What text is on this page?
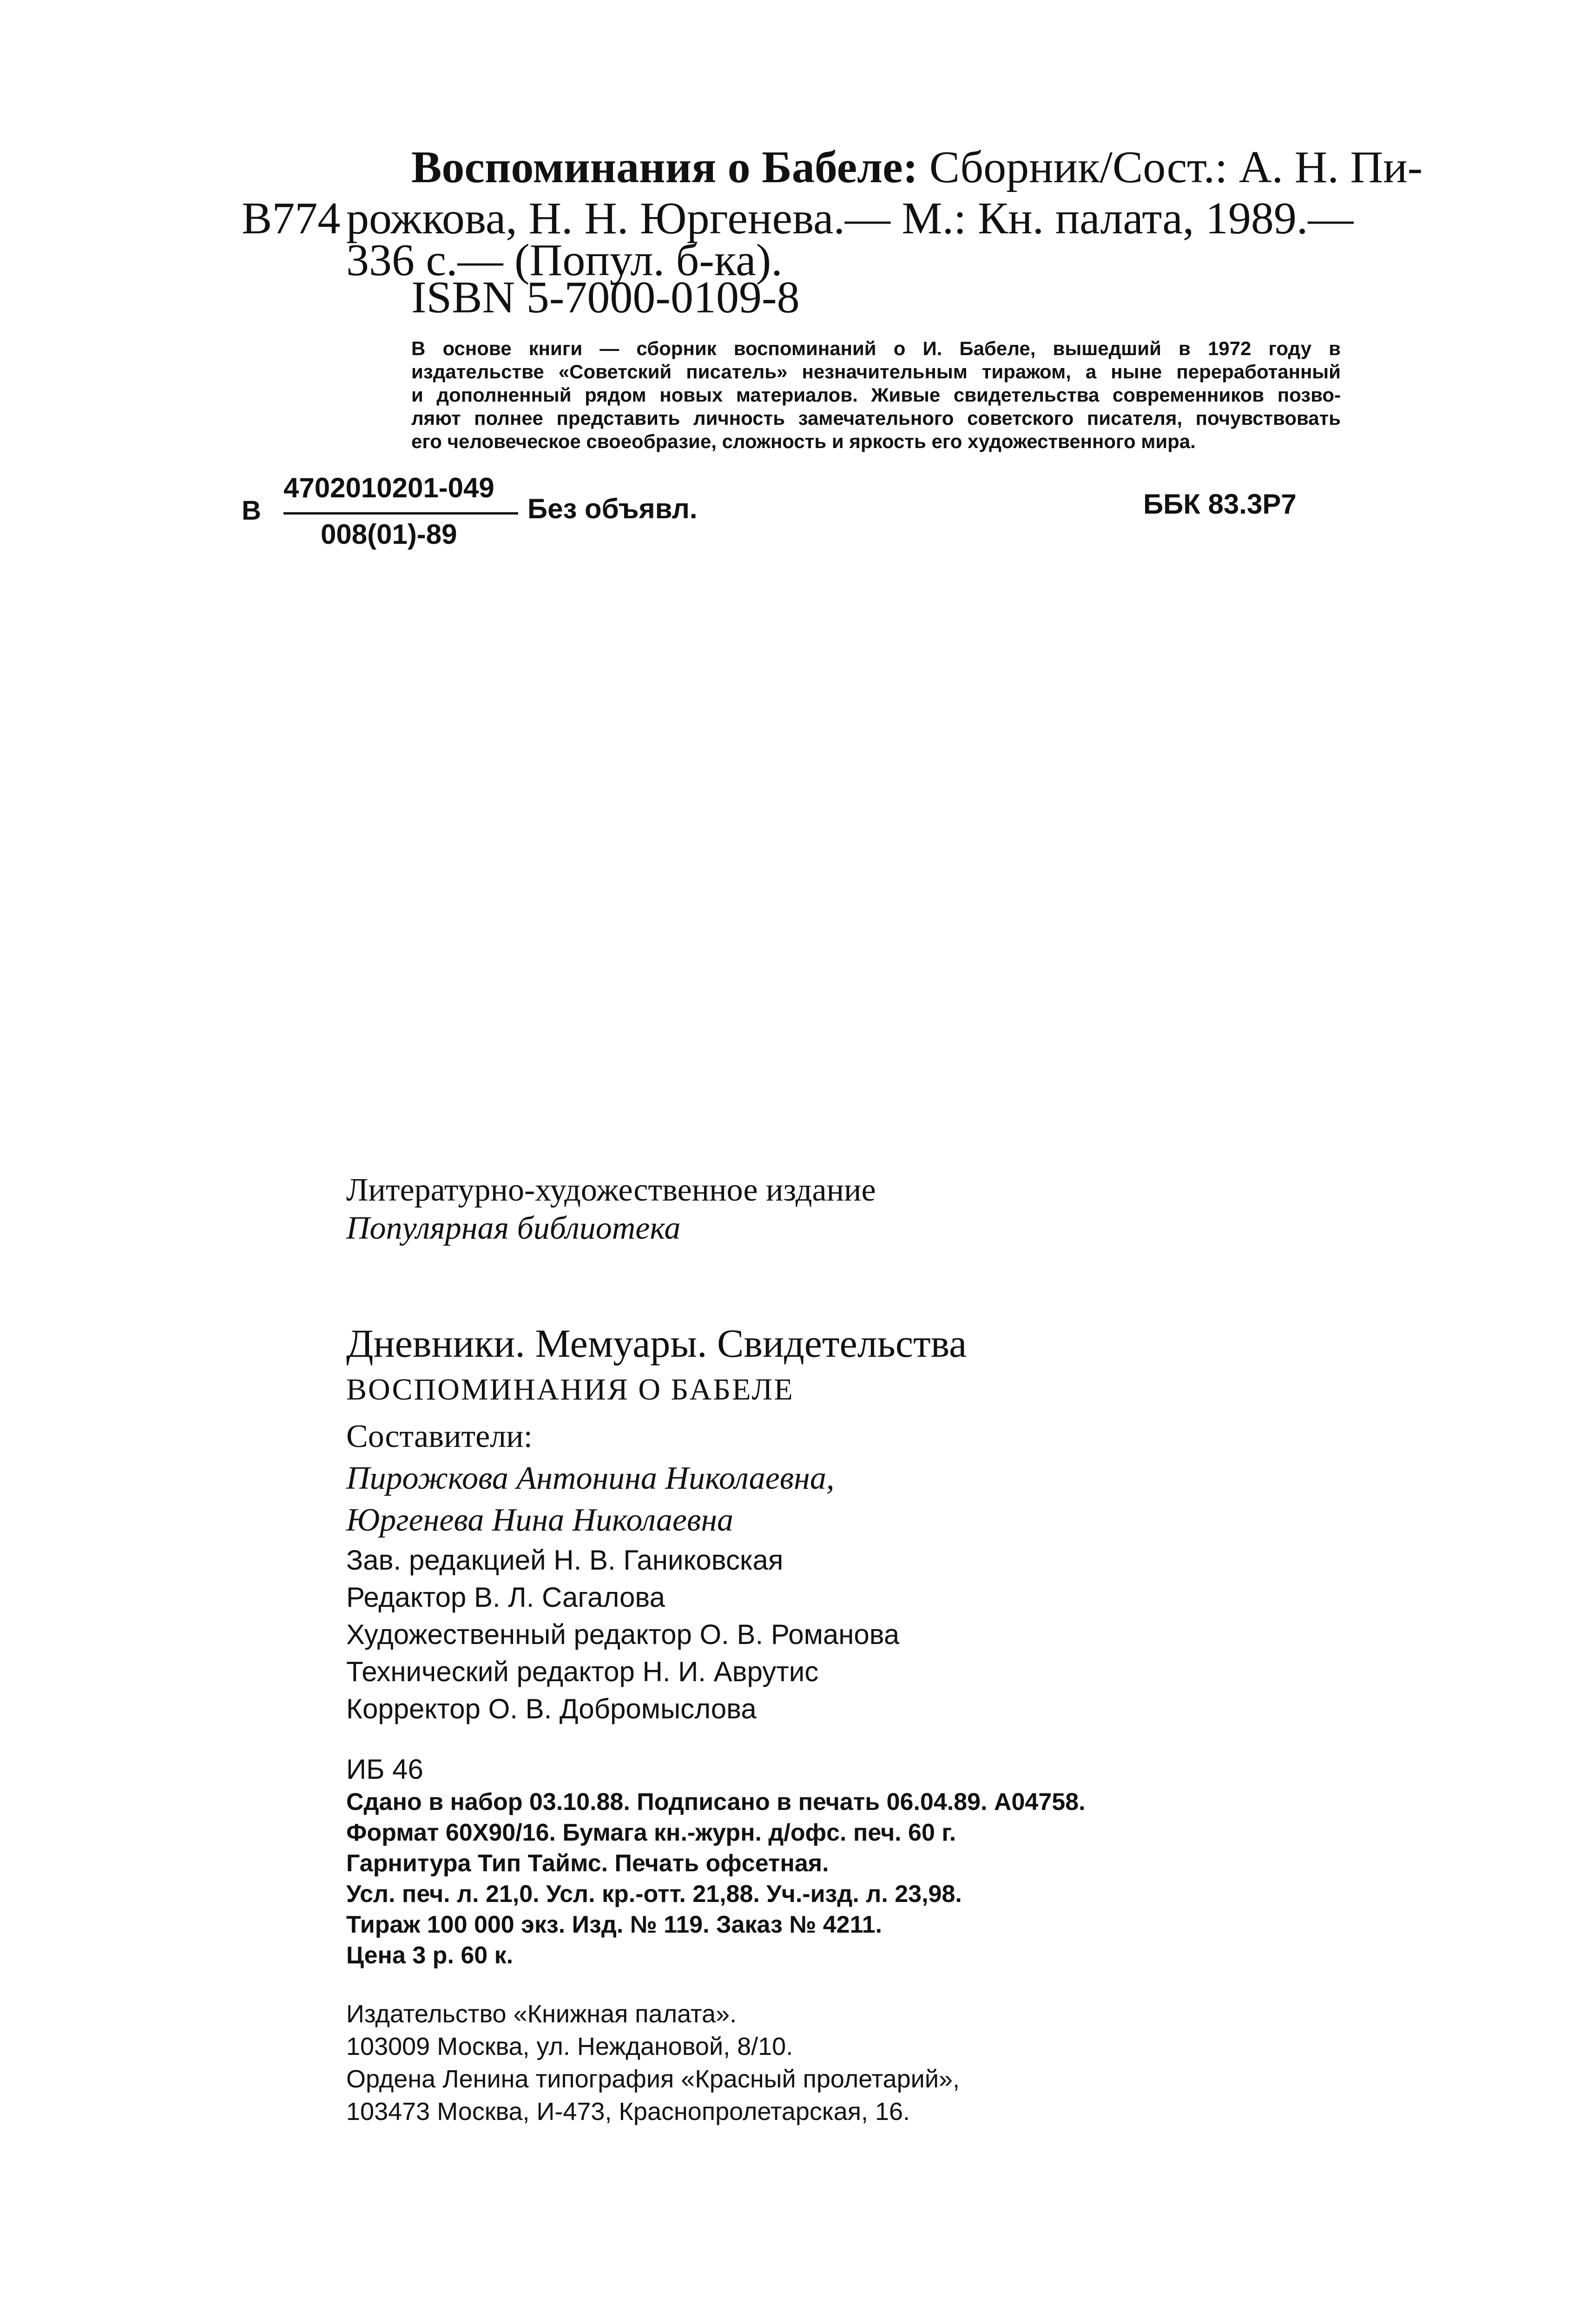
Воспоминания о Бабеле: Сборник/Сост.: А. Н. Пи-
В774 рожкова, Н. Н. Юргенева.— М.: Кн. палата, 1989.—
336 с.— (Попул. б-ка).
ISBN 5-7000-0109-8
В основе книги — сборник воспоминаний о И. Бабеле, вышедший в 1972 году в
издательстве «Советский писатель» незначительным тиражом, а ныне переработанный
и дополненный рядом новых материалов. Живые свидетельства современников позво-
ляют полнее представить личность замечательного советского писателя, почувствовать
его человеческое своеобразие, сложность и яркость его художественного мира.
В
4702010201-049
008(01)-89
Без объявл.	ББК 83.3Р7
Литературно-художественное издание
Популярная библиотека
Дневники. Мемуары. Свидетельства
ВОСПОМИНАНИЯ О БАБЕЛЕ
Составители:
Пирожкова Антонина Николаевна,
Юргенева Нина Николаевна
Зав. редакцией Н. В. Ганиковская
Редактор В. Л. Сагалова
Художественный редактор О. В. Романова
Технический редактор Н. И. Аврутис
Корректор О. В. Добромыслова
ИБ 46
Сдано в набор 03.10.88. Подписано в печать 06.04.89. А04758.
Формат 60Х90/16. Бумага кн.-журн. д/офс. печ. 60 г.
Гарнитура Тип Таймс. Печать офсетная.
Усл. печ. л. 21,0. Усл. кр.-отт. 21,88. Уч.-изд. л. 23,98.
Тираж 100 000 экз. Изд. № 119. Заказ № 4211.
Цена 3 р. 60 к.
Издательство «Книжная палата».
103009 Москва, ул. Неждановой, 8/10.
Ордена Ленина типография «Красный пролетарий»,
103473 Москва, И-473, Краснопролетарская, 16.
